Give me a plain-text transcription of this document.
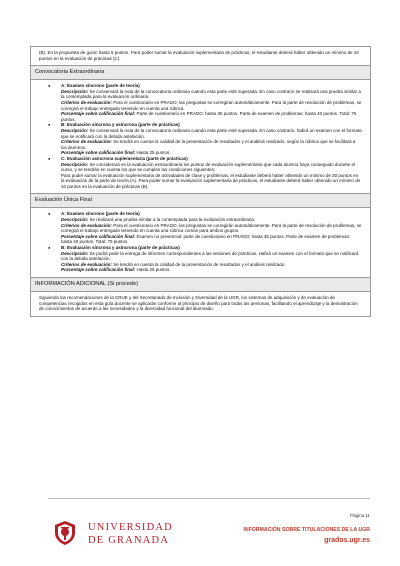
(B). En la propuesta de guion hasta 5 puntos. Para poder sumar la evaluación suplementaria de prácticas, el estudiante deberá haber obtenido un mínimo de 10 puntos en la evaluación de prácticas (C).

Convocatoria Extraordinaria
● A: Examen síncrono (parte de teoría)
Descripción: Se conservará la nota de la convocatoria ordinaria cuando esta parte esté superada. En caso contrario se realizará una prueba similar a la contemplada para la evaluación ordinaria.
Criterios de evaluación: Para el cuestionario en PRADO, las preguntas se corregirán automáticamente. Para la parte de resolución de problemas, se corregirá el trabajo entregado teniendo en cuenta una rúbrica.
Porcentaje sobre calificación final: Parte de cuestionario en PRADO: hasta 35 puntos. Parte de examen de problemas: hasta 40 puntos. Total: 75 puntos.
● B: Evaluación síncrona y asíncrona (parte de prácticas)
Descripción: Se conservará la nota de la convocatoria ordinaria cuando esta parte esté superada. En caso contrario, habrá un examen con el formato que se notificará con la debida antelación.
Criterios de evaluación: Se tendrá en cuenta la calidad de la presentación de resultados y el análisis realizado, según la rúbrica que se facilitará a los alumnos.
Porcentaje sobre calificación final: Hasta 25 puntos.
● C: Evaluación asíncrona suplementaria (parte de prácticas)
Descripción: Se considerará en la evaluación extraordinaria los puntos de evaluación suplementaria que cada alumno haya conseguido durante el curso, y se tendrán en cuenta los que se cumplan las condiciones siguientes:
Para poder sumar la evaluación suplementaria de actividades de clase y problemas, el estudiante deberá haber obtenido un mínimo de 30 puntos en la evaluación de la parte de teoría (A). Para poder sumar la evaluación suplementaria de prácticas, el estudiante deberá haber obtenido un mínimo de 10 puntos en la evaluación de prácticas (B).
Evaluación Única Final
● A: Examen síncrono (parte de teoría)
Descripción: Se realizará una prueba similar a la contemplada para la evaluación extraordinaria.
Criterios de evaluación: Para el cuestionario en PRADO, las preguntas se corregirán automáticamente. Para la parte de resolución de problemas, se corregirá el trabajo entregado teniendo en cuenta una rúbrica común para ambos grupos.
Porcentaje sobre calificación final: Examen no presencial: parte de cuestionario en PRADO: hasta 35 puntos. Parte de examen de problemas: hasta 40 puntos. Total: 75 puntos.
● B: Evaluación síncrona y asíncrona (parte de prácticas)
Descripción: Se podrá pedir la entrega de informes correspondientes a las sesiones de prácticas. Habrá un examen con el formato que se notificará con la debida antelación.
Criterios de evaluación: Se tendrá en cuenta la calidad de la presentación de resultados y el análisis realizado.
Porcentaje sobre calificación final: Hasta 25 puntos.
INFORMACIÓN ADICIONAL (Si procede)

Siguiendo las recomendaciones de la CRUE y del Secretariado de Inclusión y Diversidad de la UGR, los sistemas de adquisición y de evaluación de competencias recogidos en esta guía docente se aplicarán conforme al principio de diseño para todas las personas, facilitando el aprendizaje y la demostración de conocimientos de acuerdo a las necesidades y la diversidad funcional del alumnado.

Página 11
UNIVERSIDAD
DE GRANADA
INFORMACIÓN SOBRE TITULACIONES DE LA UGR
grados.ugr.es
